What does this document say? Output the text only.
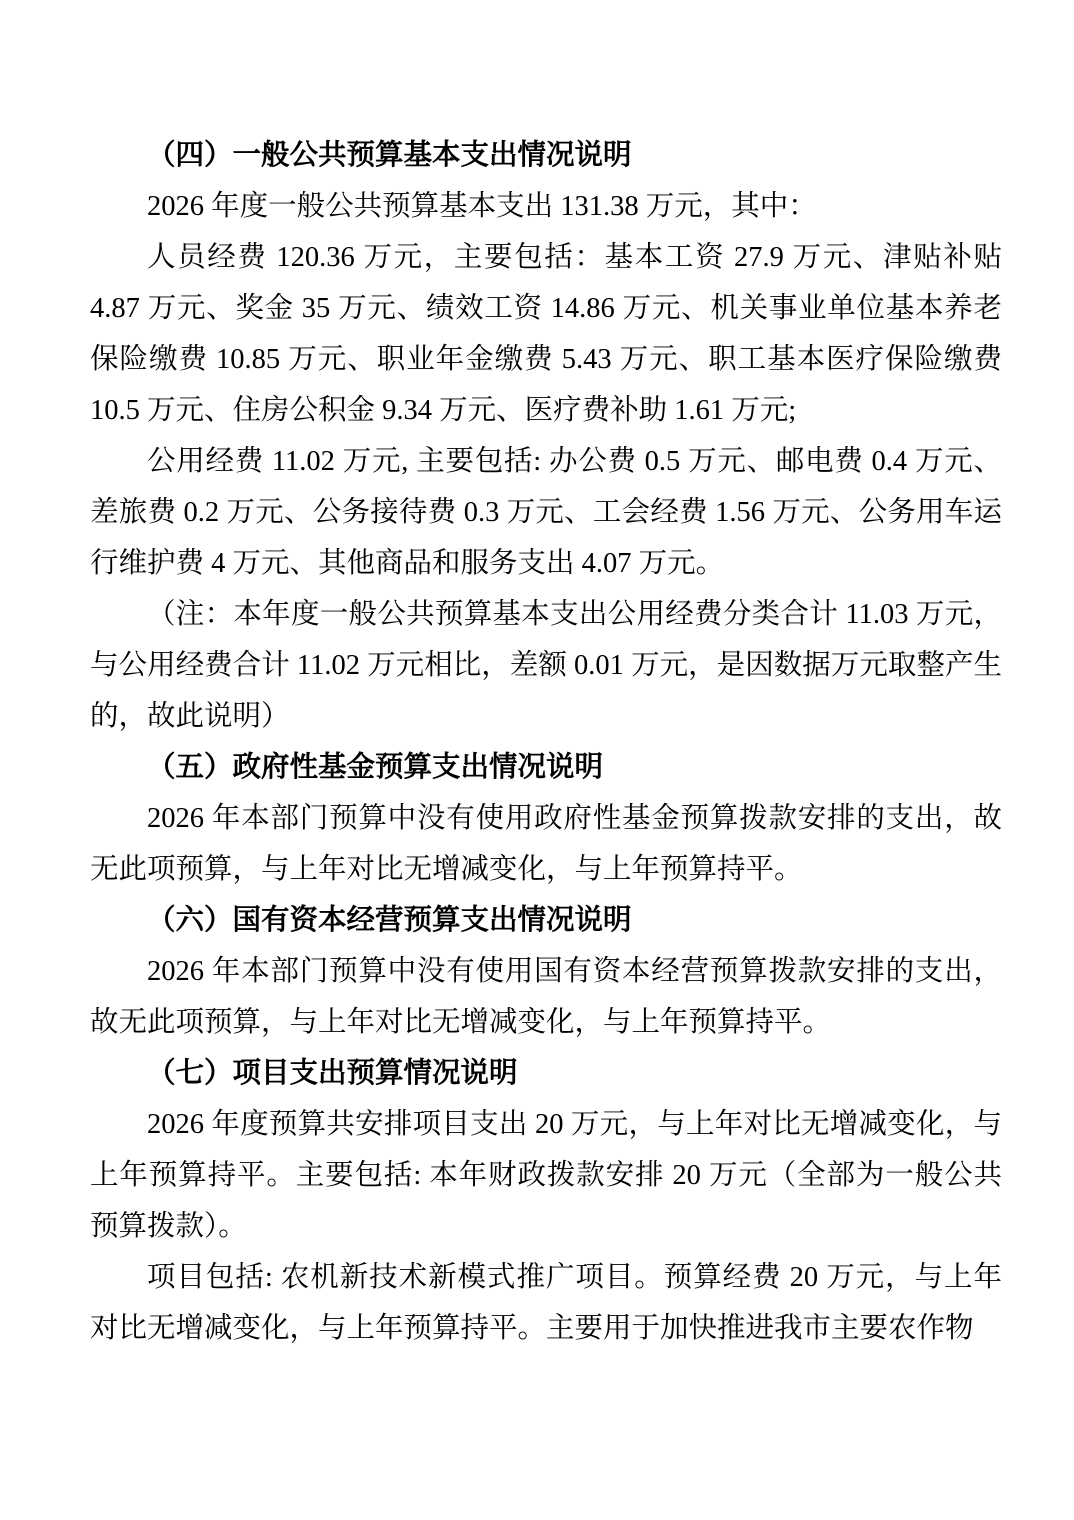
（四）一般公共预算基本支出情况说明

2026 年度一般公共预算基本支出 131.38 万元，其中：

人员经费 120.36 万元，主要包括：基本工资 27.9 万元、津贴补贴 4.87 万元、奖金 35 万元、绩效工资 14.86 万元、机关事业单位基本养老保险缴费 10.85 万元、职业年金缴费 5.43 万元、职工基本医疗保险缴费 10.5 万元、住房公积金 9.34 万元、医疗费补助 1.61 万元;

公用经费 11.02 万元, 主要包括: 办公费 0.5 万元、邮电费 0.4 万元、差旅费 0.2 万元、公务接待费 0.3 万元、工会经费 1.56 万元、公务用车运行维护费 4 万元、其他商品和服务支出 4.07 万元。

（注：本年度一般公共预算基本支出公用经费分类合计 11.03 万元，与公用经费合计 11.02 万元相比，差额 0.01 万元，是因数据万元取整产生的，故此说明）

（五）政府性基金预算支出情况说明

2026 年本部门预算中没有使用政府性基金预算拨款安排的支出，故无此项预算，与上年对比无增减变化，与上年预算持平。

（六）国有资本经营预算支出情况说明

2026 年本部门预算中没有使用国有资本经营预算拨款安排的支出，故无此项预算，与上年对比无增减变化，与上年预算持平。

（七）项目支出预算情况说明

2026 年度预算共安排项目支出 20 万元，与上年对比无增减变化，与上年预算持平。主要包括: 本年财政拨款安排 20 万元（全部为一般公共预算拨款）。

项目包括: 农机新技术新模式推广项目。预算经费 20 万元，与上年对比无增减变化，与上年预算持平。主要用于加快推进我市主要农作物
